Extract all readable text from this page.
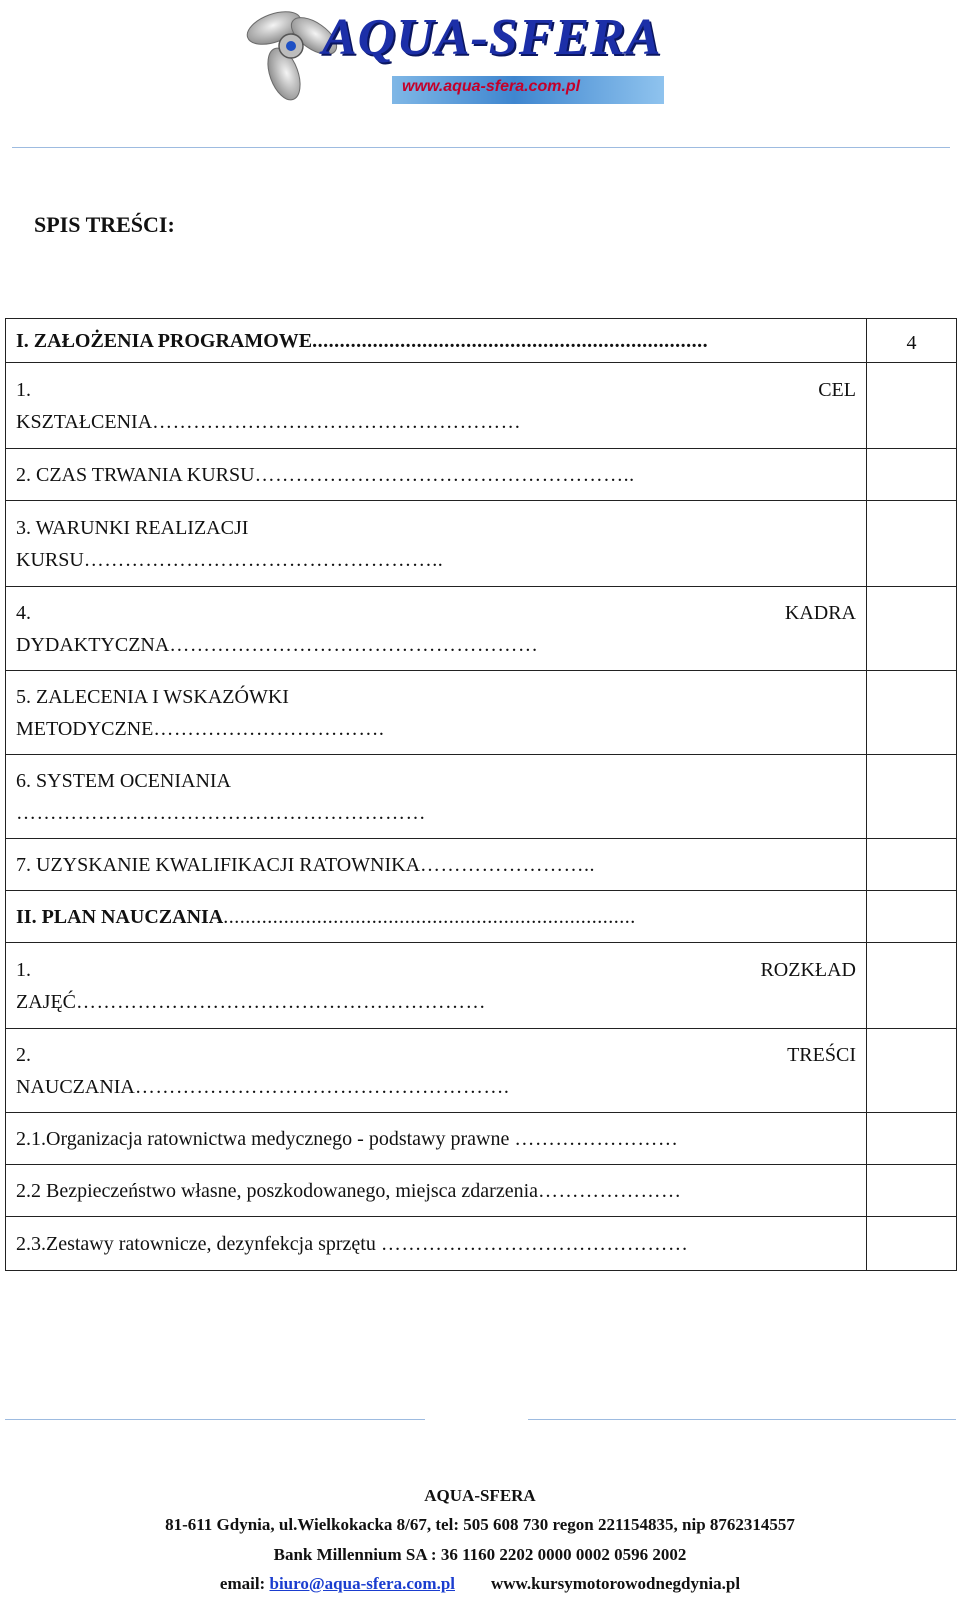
AQUA-SFERA
www.aqua-sfera.com.pl
SPIS TREŚCI:
I. ZAŁOŻENIA PROGRAMOWE........................................................................	4

1. CEL
KSZTAŁCENIA………………………………………………	

2. CZAS TRWANIA KURSU………………………………………………..	

3. WARUNKI REALIZACJI
KURSU……………………………………………..	

4. KADRA
DYDAKTYCZNA………………………………………………	

5. ZALECENIA I WSKAZÓWKI
METODYCZNE…………………………….	

6. SYSTEM OCENIANIA
……………………………………………………	

7. UZYSKANIE KWALIFIKACJI RATOWNIKA……………………..	
II. PLAN NAUCZANIA...........................................................................	

1. ROZKŁAD
ZAJĘĆ……………………………………………………	

2. TREŚCI
NAUCZANIA……………………………………………….	

2.1.Organizacja ratownictwa medycznego - podstawy prawne ……………………	
2.2 Bezpieczeństwo własne, poszkodowanego, miejsca zdarzenia…………………	
2.3.Zestawy ratownicze, dezynfekcja sprzętu ………………………………………	
AQUA-SFERA
81-611 Gdynia, ul.Wielkokacka 8/67, tel: 505 608 730 regon 221154835, nip 8762314557
Bank Millennium SA : 36 1160 2202 0000 0002 0596 2002
email: biuro@aqua-sfera.com.pl www.kursymotorowodnegdynia.pl
